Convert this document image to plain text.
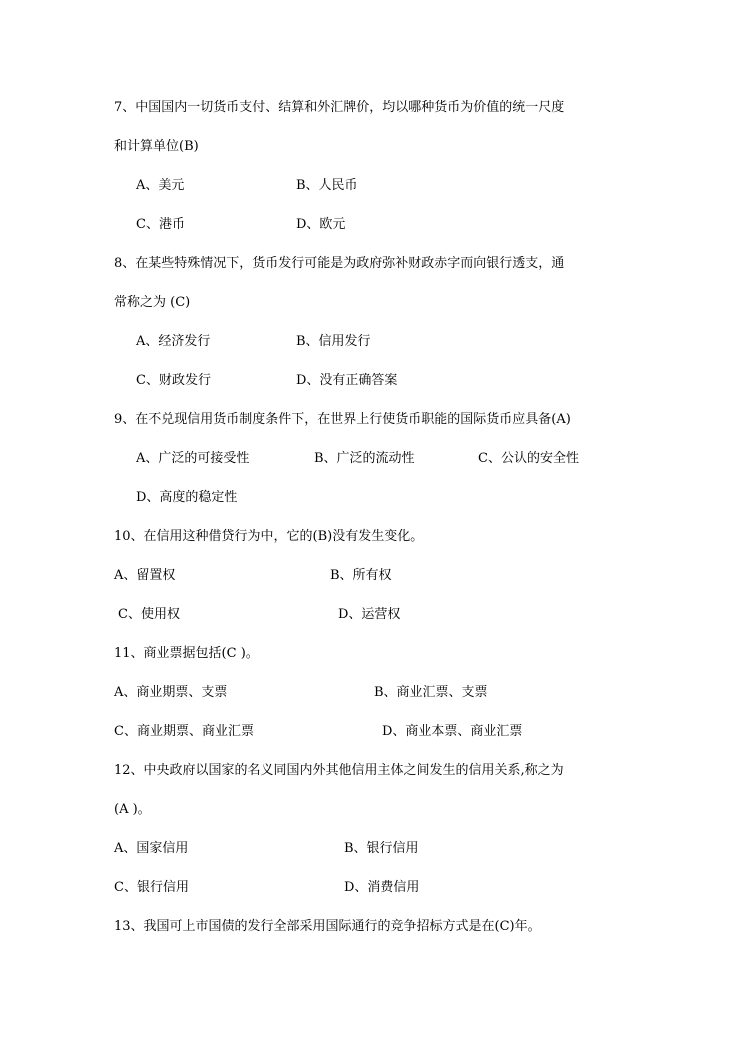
7、中国国内一切货币支付、结算和外汇牌价，均以哪种货币为价值的统一尺度
和计算单位(B)
A、美元	B、人民币
C、港币	D、欧元
8、在某些特殊情况下，货币发行可能是为政府弥补财政赤字而向银行透支，通
常称之为 (C)
A、经济发行	B、信用发行
C、财政发行	D、没有正确答案
9、在不兑现信用货币制度条件下，在世界上行使货币职能的国际货币应具备(A)
A、广泛的可接受性	B、广泛的流动性	C、公认的安全性
D、高度的稳定性
10、在信用这种借贷行为中，它的(B)没有发生变化。
A、留置权	B、所有权
C、使用权	D、运营权
11、商业票据包括(C )。
A、商业期票、支票	B、商业汇票、支票
C、商业期票、商业汇票	D、商业本票、商业汇票
12、中央政府以国家的名义同国内外其他信用主体之间发生的信用关系,称之为
(A )。
A、国家信用	B、银行信用
C、银行信用	D、消费信用
13、我国可上市国债的发行全部采用国际通行的竞争招标方式是在(C)年。
